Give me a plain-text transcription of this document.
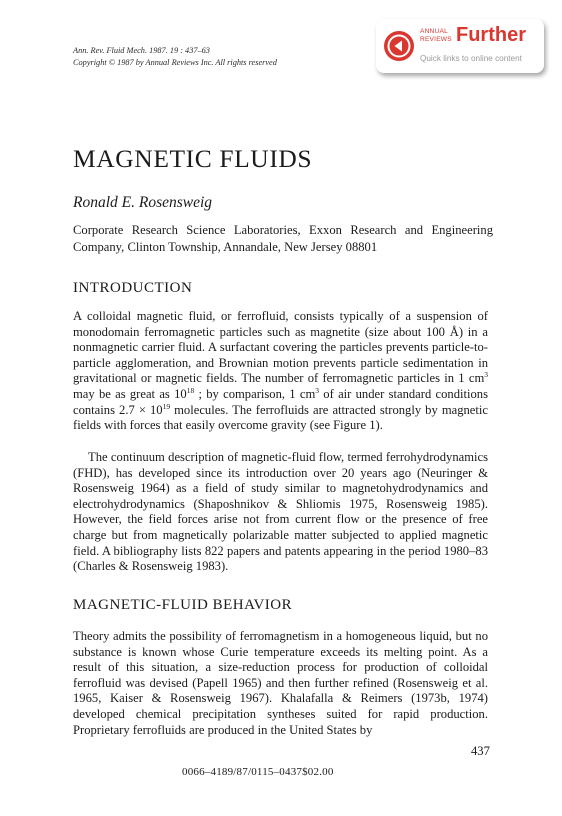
Ann. Rev. Fluid Mech. 1987. 19 : 437–63
Copyright © 1987 by Annual Reviews Inc. All rights reserved
ANNUAL
REVIEWS Further
Quick links to online content
MAGNETIC FLUIDS
Ronald E. Rosensweig
Corporate Research Science Laboratories, Exxon Research and Engineering Company, Clinton Township, Annandale, New Jersey 08801
INTRODUCTION
A colloidal magnetic fluid, or ferrofluid, consists typically of a suspension of monodomain ferromagnetic particles such as magnetite (size about 100 Å) in a nonmagnetic carrier fluid. A surfactant covering the particles prevents particle-to-particle agglomeration, and Brownian motion prevents particle sedimentation in gravitational or magnetic fields. The number of ferromagnetic particles in 1 $cm^3$ may be as great as $10^{18}$ ; by comparison, 1 $cm^3$ of air under standard conditions contains $2.7 \times 10^{19}$ molecules. The ferrofluids are attracted strongly by magnetic fields with forces that easily overcome gravity (see Figure 1).
The continuum description of magnetic-fluid flow, termed ferrohydrodynamics (FHD), has developed since its introduction over 20 years ago (Neuringer & Rosensweig 1964) as a field of study similar to magnetohydrodynamics and electrohydrodynamics (Shaposhnikov & Shliomis 1975, Rosensweig 1985). However, the field forces arise not from current flow or the presence of free charge but from magnetically polarizable matter subjected to applied magnetic field. A bibliography lists 822 papers and patents appearing in the period 1980–83 (Charles & Rosensweig 1983).
MAGNETIC-FLUID BEHAVIOR
Theory admits the possibility of ferromagnetism in a homogeneous liquid, but no substance is known whose Curie temperature exceeds its melting point. As a result of this situation, a size-reduction process for production of colloidal ferrofluid was devised (Papell 1965) and then further refined (Rosensweig et al. 1965, Kaiser & Rosensweig 1967). Khalafalla & Reimers (1973b, 1974) developed chemical precipitation syntheses suited for rapid production. Proprietary ferrofluids are produced in the United States by
437
0066–4189/87/0115–0437$02.00
